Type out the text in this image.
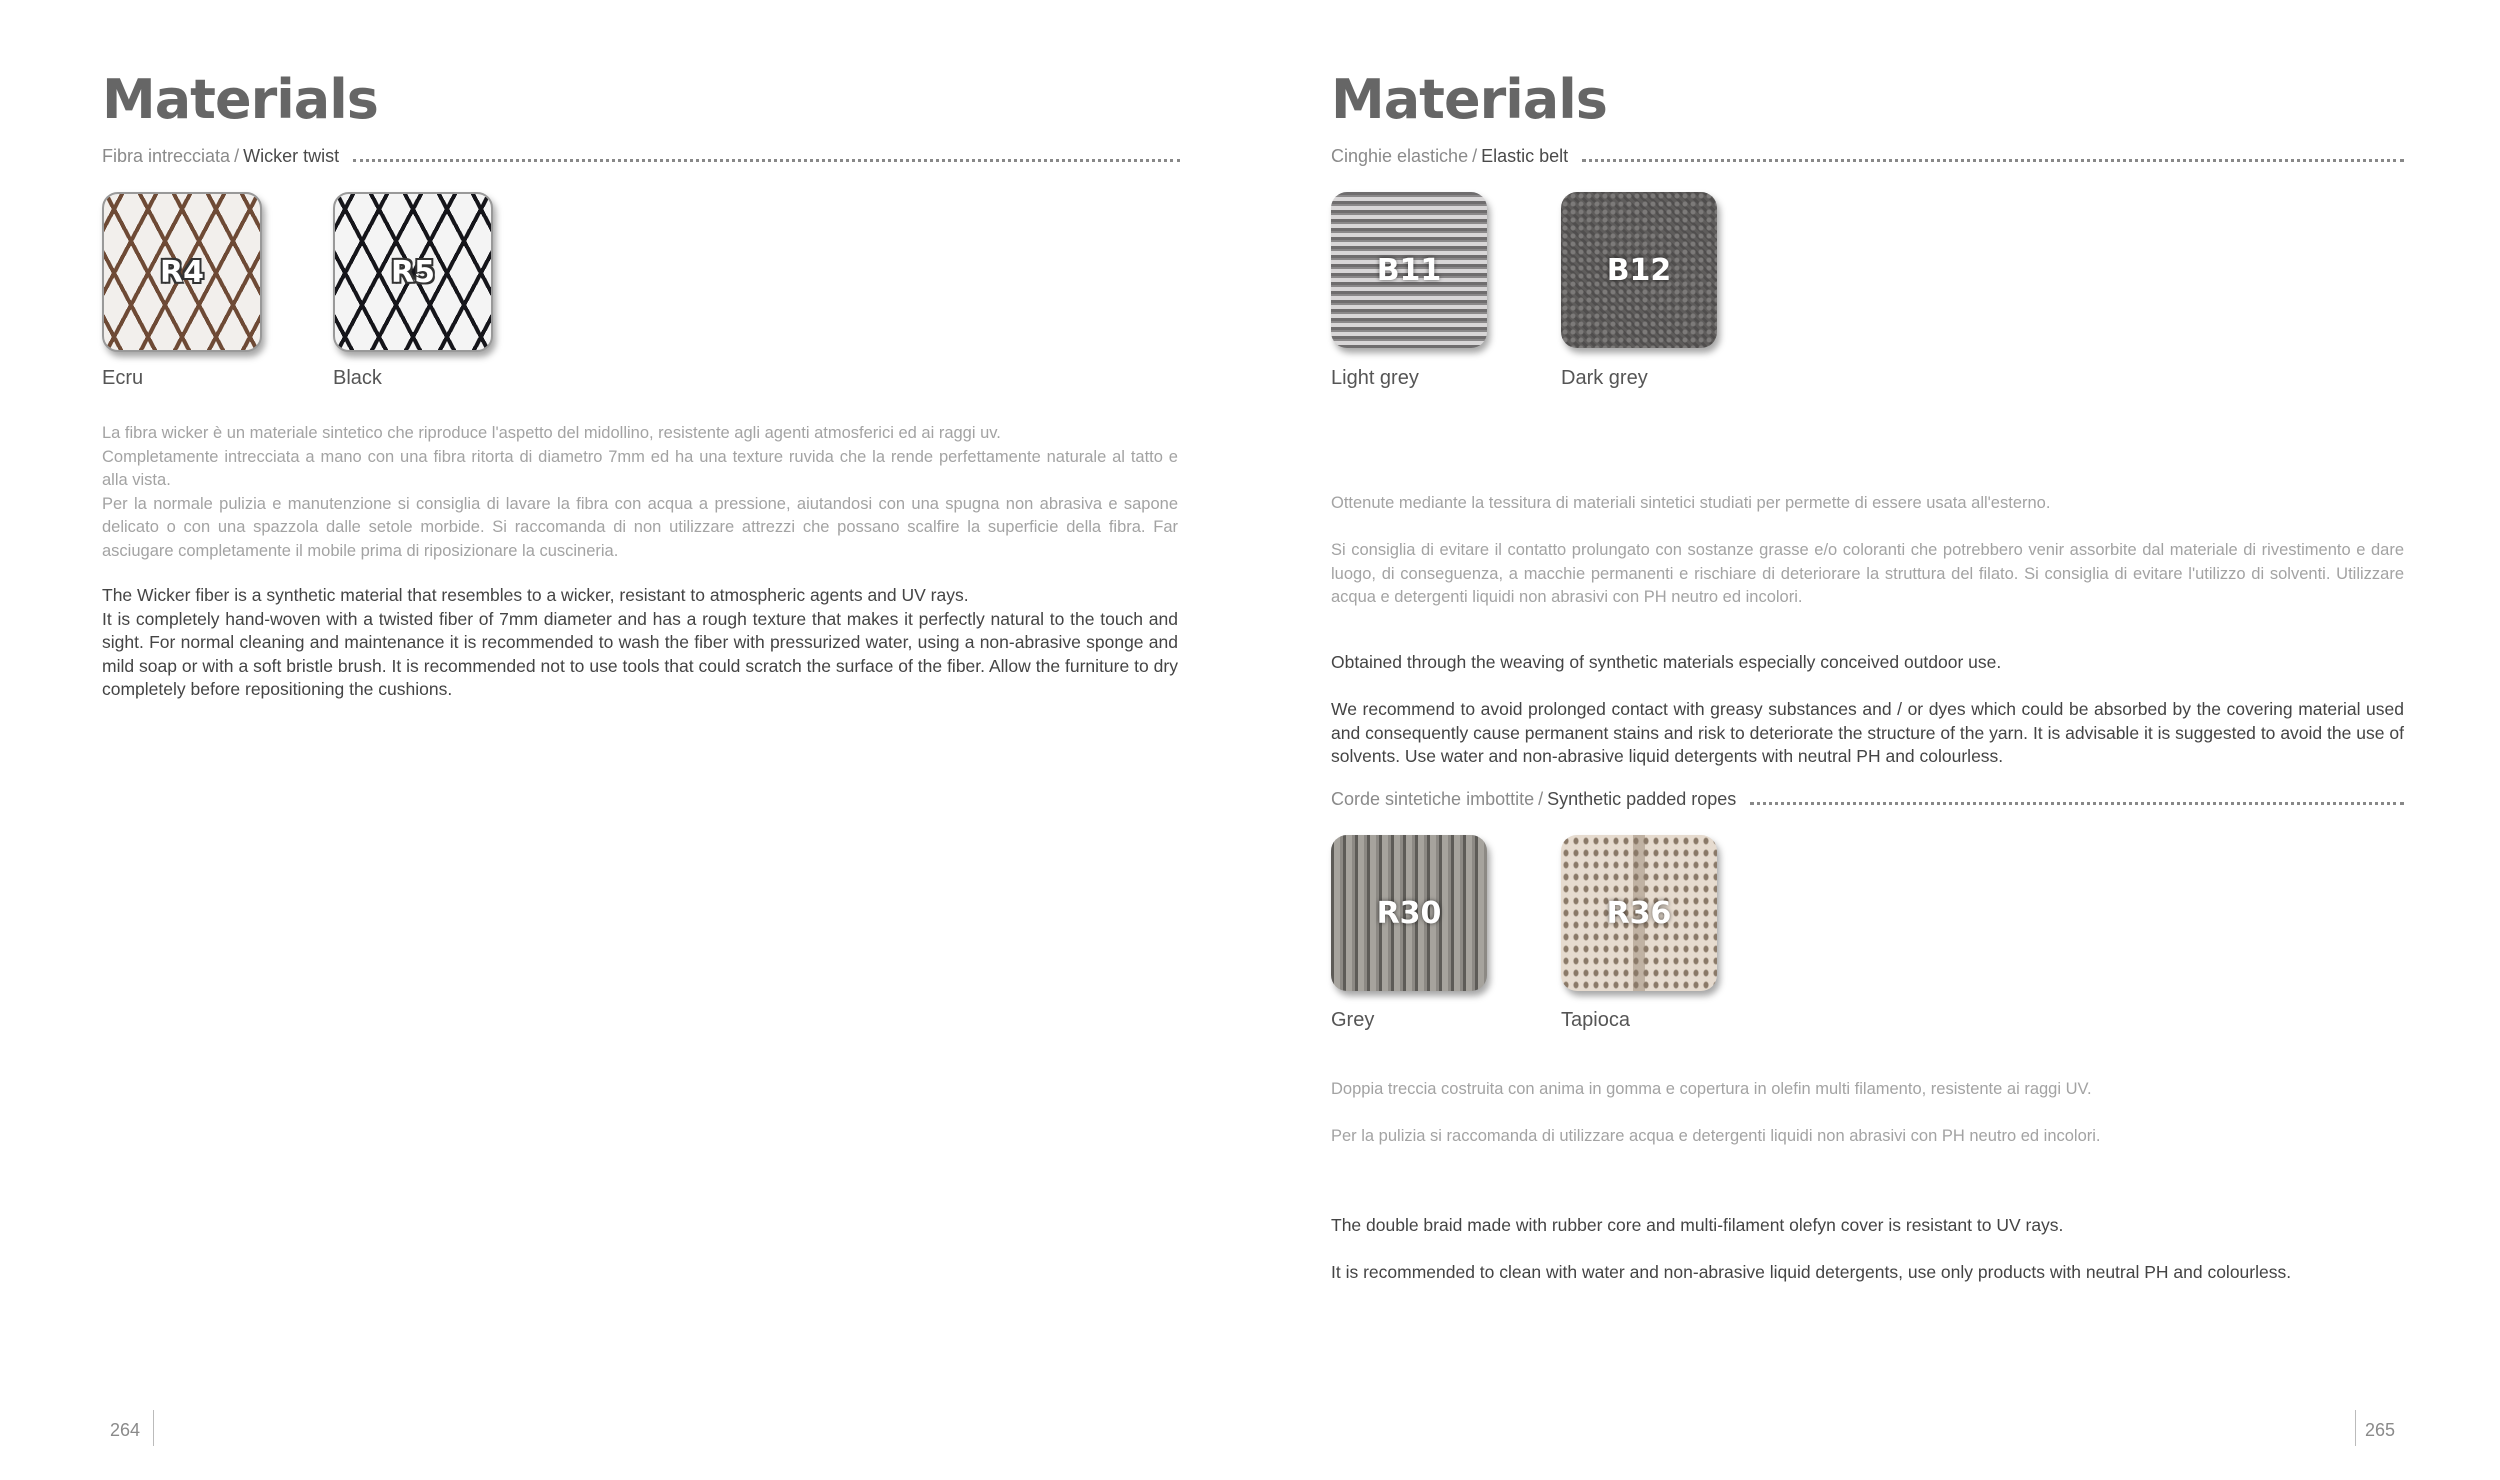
Materials
Fibra intrecciata / Wicker twist
R4
Ecru
R5
Black

La fibra wicker è un materiale sintetico che riproduce l'aspetto del midollino, resistente agli agenti atmosferici ed ai raggi uv.

Completamente intrecciata a mano con una fibra ritorta di diametro 7mm ed ha una texture ruvida che la rende perfettamente naturale al tatto e alla vista.

Per la normale pulizia e manutenzione si consiglia di lavare la fibra con acqua a pressione, aiutandosi con una spugna non abrasiva e sapone delicato o con una spazzola dalle setole morbide. Si raccomanda di non utilizzare attrezzi che possano scalfire la superficie della fibra. Far asciugare completamente il mobile prima di riposizionare la cuscineria.

The Wicker fiber is a synthetic material that resembles to a wicker, resistant to atmospheric agents and UV rays.

It is completely hand-woven with a twisted fiber of 7mm diameter and has a rough texture that makes it perfectly natural to the touch and sight. For normal cleaning and maintenance it is recommended to wash the fiber with pressurized water, using a non-abrasive sponge and mild soap or with a soft bristle brush. It is recommended not to use tools that could scratch the surface of the fiber. Allow the furniture to dry completely before repositioning the cushions.

264
Materials
Cinghie elastiche / Elastic belt
B11
Light grey
B12
Dark grey

Ottenute mediante la tessitura di materiali sintetici studiati per permette di essere usata all'esterno.

Si consiglia di evitare il contatto prolungato con sostanze grasse e/o coloranti che potrebbero venir assorbite dal materiale di rivestimento e dare luogo, di conseguenza, a macchie permanenti e rischiare di deteriorare la struttura del filato. Si consiglia di evitare l'utilizzo di solventi. Utilizzare acqua e detergenti liquidi non abrasivi con PH neutro ed incolori.

Obtained through the weaving of synthetic materials especially conceived outdoor use.

We recommend to avoid prolonged contact with greasy substances and / or dyes which could be absorbed by the covering material used and consequently cause permanent stains and risk to deteriorate the structure of the yarn. It is advisable it is suggested to avoid the use of solvents. Use water and non-abrasive liquid detergents with neutral PH and colourless.

Corde sintetiche imbottite / Synthetic padded ropes
R30
Grey
R36
Tapioca

Doppia treccia costruita con anima in gomma e copertura in olefin multi filamento, resistente ai raggi UV.

Per la pulizia si raccomanda di utilizzare acqua e detergenti liquidi non abrasivi con PH neutro ed incolori.

The double braid made with rubber core and multi-filament olefyn cover is resistant to UV rays.

It is recommended to clean with water and non-abrasive liquid detergents, use only products with neutral PH and colourless.

265
